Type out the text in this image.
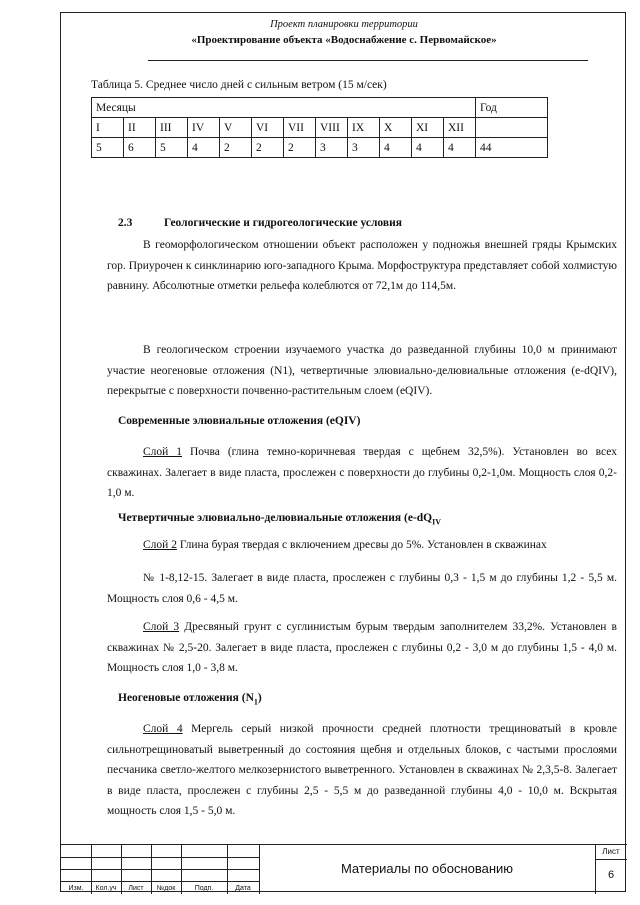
Проект планировки территории
«Проектирование объекта «Водоснабжение с. Первомайское»
Таблица 5. Среднее число дней с сильным ветром (15 м/сек)
Месяцы												Год
I	II	III	IV	V	VI	VII	VIII	IX	X	XI	XII	
5	6	5	4	2	2	2	3	3	4	4	4	44
2.3	Геологические и гидрогеологические условия

В геоморфологическом отношении объект расположен у подножья внешней гряды Крымских гор. Приурочен к синклинарию юго-западного Крыма. Морфоструктура представляет собой холмистую равнину. Абсолютные отметки рельефа колеблются от 72,1м до 114,5м.

В геологическом строении изучаемого участка до разведанной глубины 10,0 м принимают участие неогеновые отложения (N1), четвертичные элювиально-делювиальные отложения (e-dQIV), перекрытые с поверхности почвенно-растительным слоем (eQIV).

Современные элювиальные отложения (eQIV)

Слой 1 Почва (глина темно-коричневая твердая с щебнем 32,5%). Установлен во всех скважинах. Залегает в виде пласта, прослежен с поверхности до глубины 0,2-1,0м. Мощность слоя 0,2-1,0 м.

Четвертичные элювиально-делювиальные отложения ($e-dQ_{IV}$

Слой 2 Глина бурая твердая с включением дресвы до 5%. Установлен в скважинах

№ 1-8,12-15. Залегает в виде пласта, прослежен с глубины 0,3 - 1,5 м до глубины 1,2 - 5,5 м. Мощность слоя 0,6 - 4,5 м.

Слой 3 Дресвяный грунт с суглинистым бурым твердым заполнителем 33,2%. Установлен в скважинах № 2,5-20. Залегает в виде пласта, прослежен с глубины 0,2 - 3,0 м до глубины 1,5 - 4,0 м. Мощность слоя 1,0 - 3,8 м.

Неогеновые отложения $(N_1)$

Слой 4 Мергель серый низкой прочности средней плотности трещиноватый в кровле сильнотрещиноватый выветренный до состояния щебня и отдельных блоков, с частыми прослоями песчаника светло-желтого мелкозернистого выветренного. Установлен в скважинах № 2,3,5-8. Залегает в виде пласта, прослежен с глубины 2,5 - 5,5 м до разведанной глубины 4,0 - 10,0 м. Вскрытая мощность слоя 1,5 - 5,0 м.

Изм.	Кол.уч	Лист	№док	Подп.	Дата
Материалы по обоснованию
Лист
6
